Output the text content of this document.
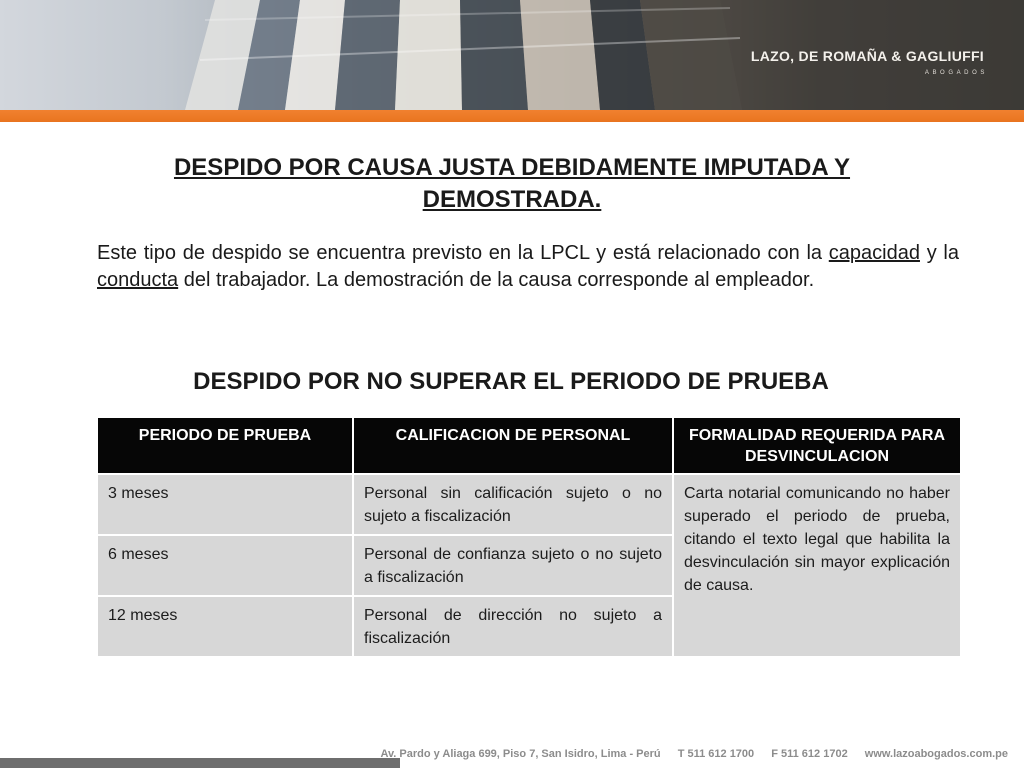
LAZO, DE ROMAÑA & GAGLIUFFI
ABOGADOS
DESPIDO POR CAUSA JUSTA DEBIDAMENTE IMPUTADA Y DEMOSTRADA.
Este tipo de despido se encuentra previsto en la LPCL y está relacionado con la capacidad y la conducta del trabajador. La demostración de la causa corresponde al empleador.
DESPIDO POR NO SUPERAR EL PERIODO DE PRUEBA
PERIODO DE PRUEBA	CALIFICACION DE PERSONAL	FORMALIDAD REQUERIDA PARA DESVINCULACION
3 meses	Personal sin calificación sujeto o no sujeto a fiscalización	Carta notarial comunicando no haber superado el periodo de prueba, citando el texto legal que habilita la desvinculación sin mayor explicación de causa.
6 meses	Personal de confianza sujeto o no sujeto a fiscalización	
12 meses	Personal de dirección no sujeto a fiscalización	
Av. Pardo y Aliaga 699, Piso 7, San Isidro, Lima - Perú T 511 612 1700 F 511 612 1702 www.lazoabogados.com.pe
